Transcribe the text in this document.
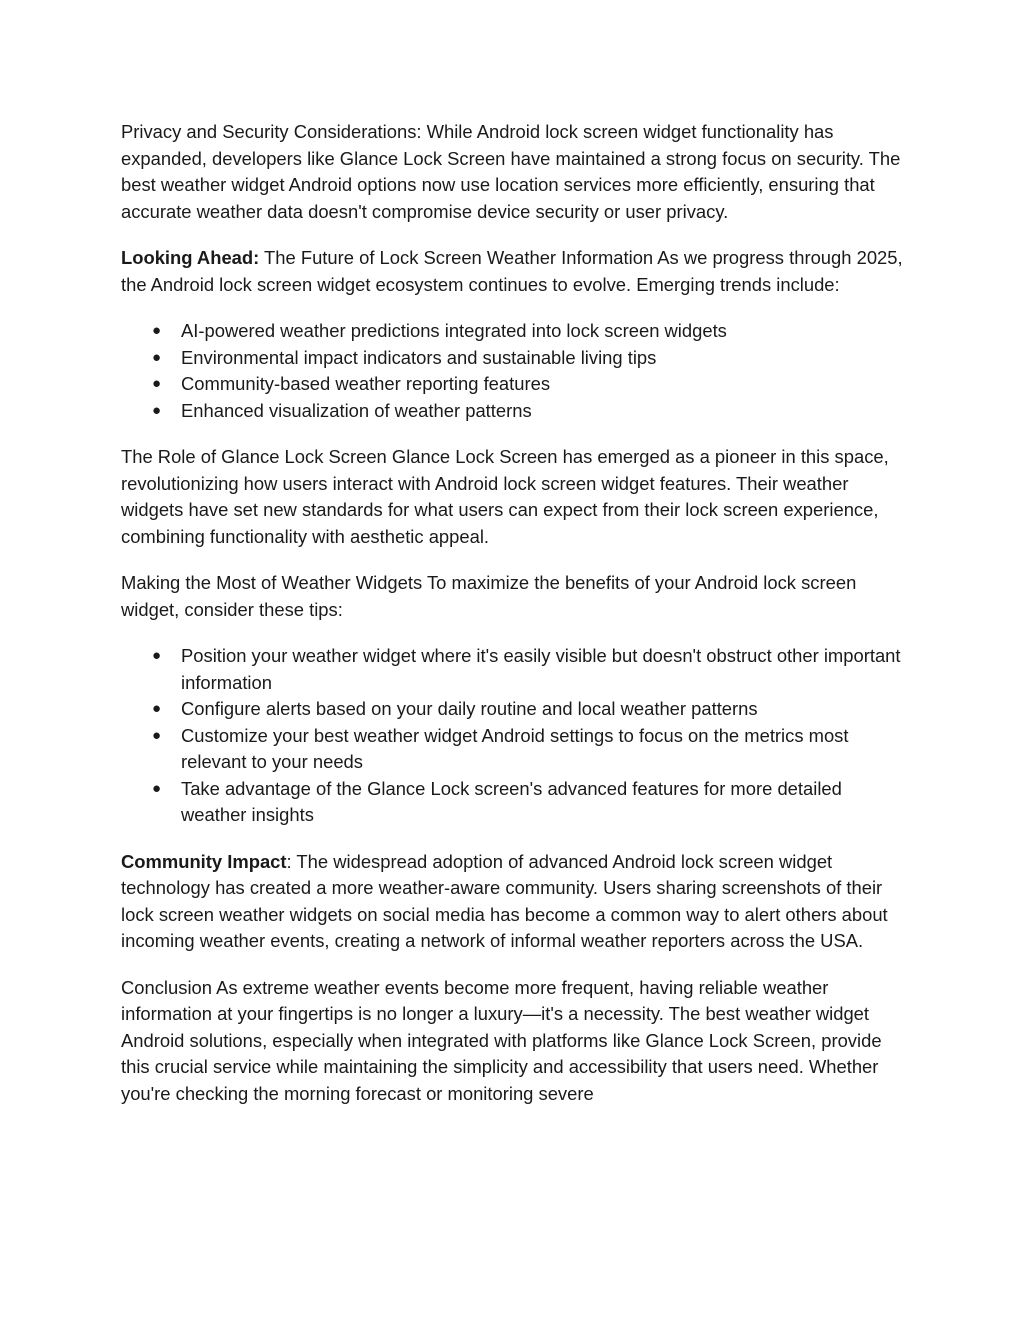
Privacy and Security Considerations: While Android lock screen widget functionality has expanded, developers like Glance Lock Screen have maintained a strong focus on security. The best weather widget Android options now use location services more efficiently, ensuring that accurate weather data doesn't compromise device security or user privacy.

Looking Ahead: The Future of Lock Screen Weather Information As we progress through 2025, the Android lock screen widget ecosystem continues to evolve. Emerging trends include:

● AI-powered weather predictions integrated into lock screen widgets
● Environmental impact indicators and sustainable living tips
● Community-based weather reporting features
● Enhanced visualization of weather patterns

The Role of Glance Lock Screen Glance Lock Screen has emerged as a pioneer in this space, revolutionizing how users interact with Android lock screen widget features. Their weather widgets have set new standards for what users can expect from their lock screen experience, combining functionality with aesthetic appeal.

Making the Most of Weather Widgets To maximize the benefits of your Android lock screen widget, consider these tips:

● Position your weather widget where it's easily visible but doesn't obstruct other important information
● Configure alerts based on your daily routine and local weather patterns
● Customize your best weather widget Android settings to focus on the metrics most relevant to your needs
● Take advantage of the Glance Lock screen's advanced features for more detailed weather insights

Community Impact: The widespread adoption of advanced Android lock screen widget technology has created a more weather-aware community. Users sharing screenshots of their lock screen weather widgets on social media has become a common way to alert others about incoming weather events, creating a network of informal weather reporters across the USA.

Conclusion As extreme weather events become more frequent, having reliable weather information at your fingertips is no longer a luxury—it's a necessity. The best weather widget Android solutions, especially when integrated with platforms like Glance Lock Screen, provide this crucial service while maintaining the simplicity and accessibility that users need. Whether you're checking the morning forecast or monitoring severe
